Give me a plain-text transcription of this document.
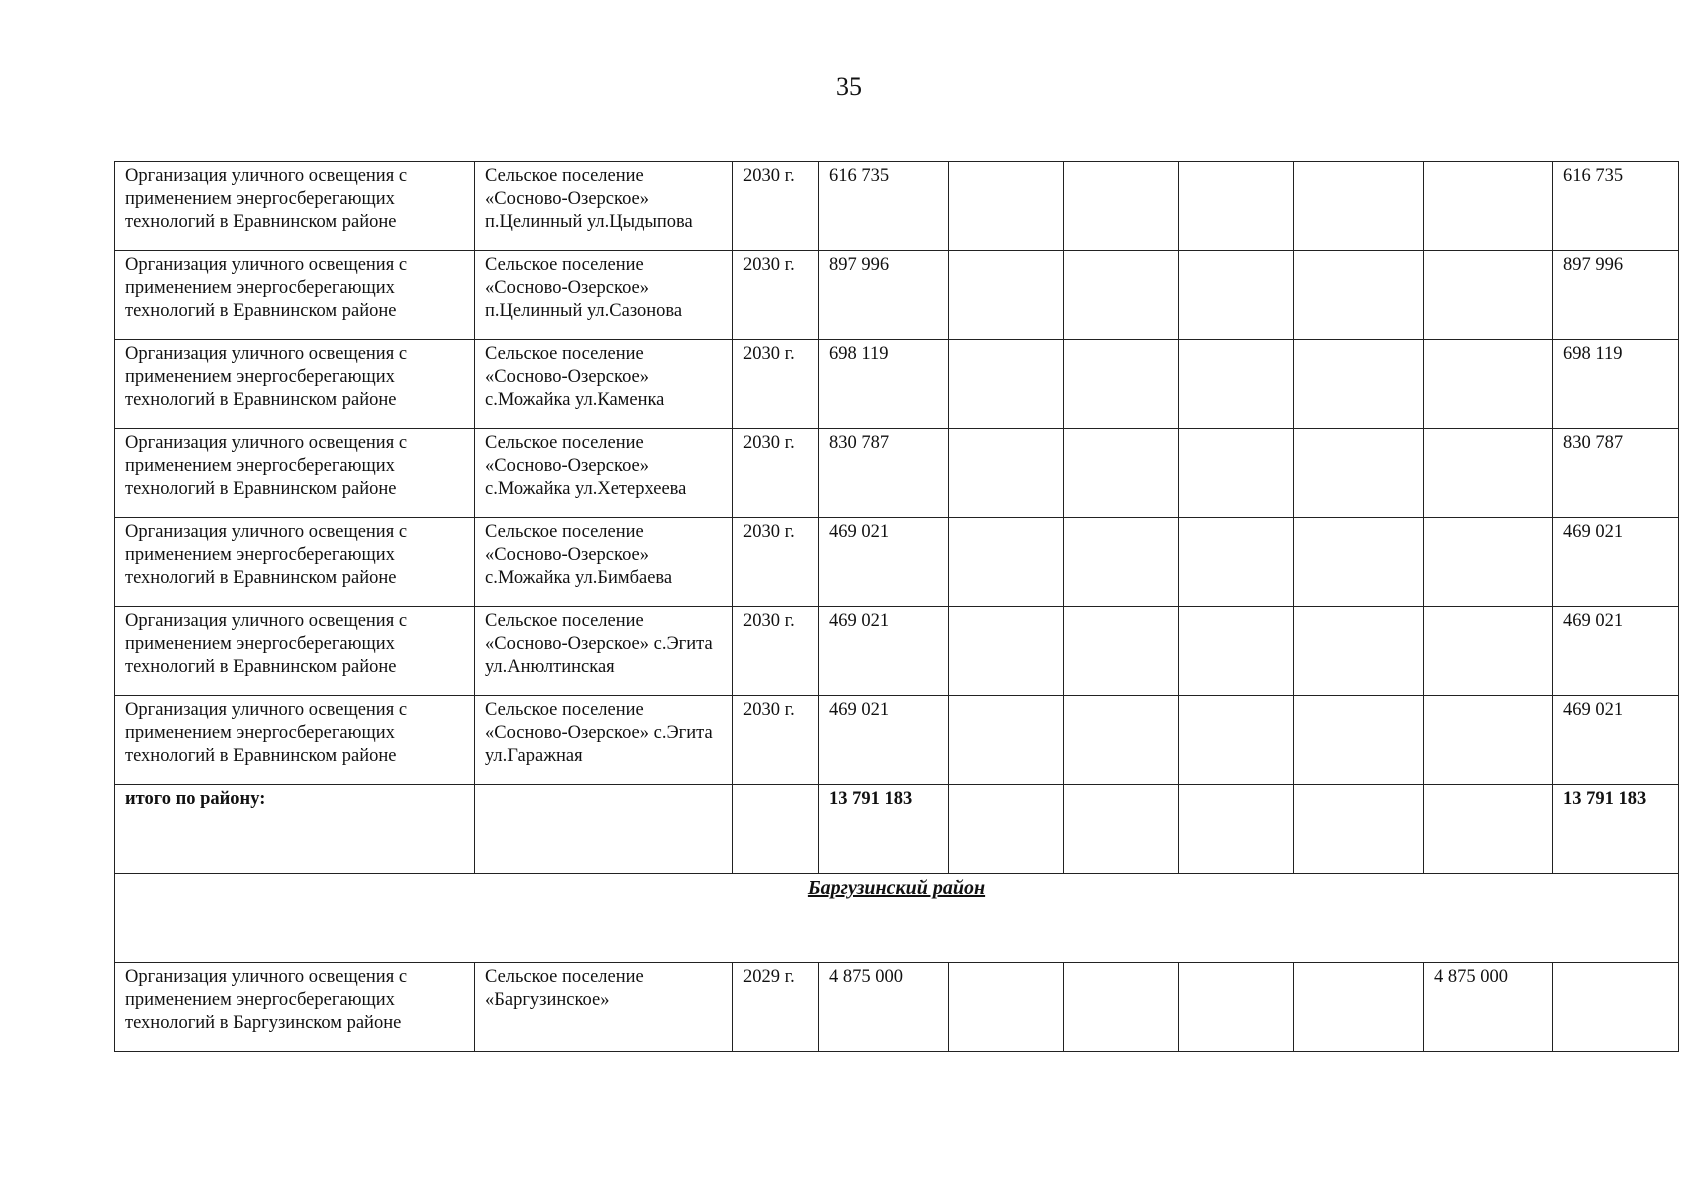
35
Организация уличного освещения с применением энергосберегающих технологий в Еравнинском районе	Сельское поселение «Сосново-Озерское» п.Целинный ул.Цыдыпова	2030 г.	616 735						616 735
Организация уличного освещения с применением энергосберегающих технологий в Еравнинском районе	Сельское поселение «Сосново-Озерское» п.Целинный ул.Сазонова	2030 г.	897 996						897 996
Организация уличного освещения с применением энергосберегающих технологий в Еравнинском районе	Сельское поселение «Сосново-Озерское» с.Можайка ул.Каменка	2030 г.	698 119						698 119
Организация уличного освещения с применением энергосберегающих технологий в Еравнинском районе	Сельское поселение «Сосново-Озерское» с.Можайка ул.Хетерхеева	2030 г.	830 787						830 787
Организация уличного освещения с применением энергосберегающих технологий в Еравнинском районе	Сельское поселение «Сосново-Озерское» с.Можайка ул.Бимбаева	2030 г.	469 021						469 021
Организация уличного освещения с применением энергосберегающих технологий в Еравнинском районе	Сельское поселение «Сосново-Озерское» с.Эгита ул.Анюлтинская	2030 г.	469 021						469 021
Организация уличного освещения с применением энергосберегающих технологий в Еравнинском районе	Сельское поселение «Сосново-Озерское» с.Эгита ул.Гаражная	2030 г.	469 021						469 021
итого по району:			13 791 183						13 791 183
Баргузинский район									
Организация уличного освещения с применением энергосберегающих технологий в Баргузинском районе	Сельское поселение «Баргузинское»	2029 г.	4 875 000					4 875 000	
